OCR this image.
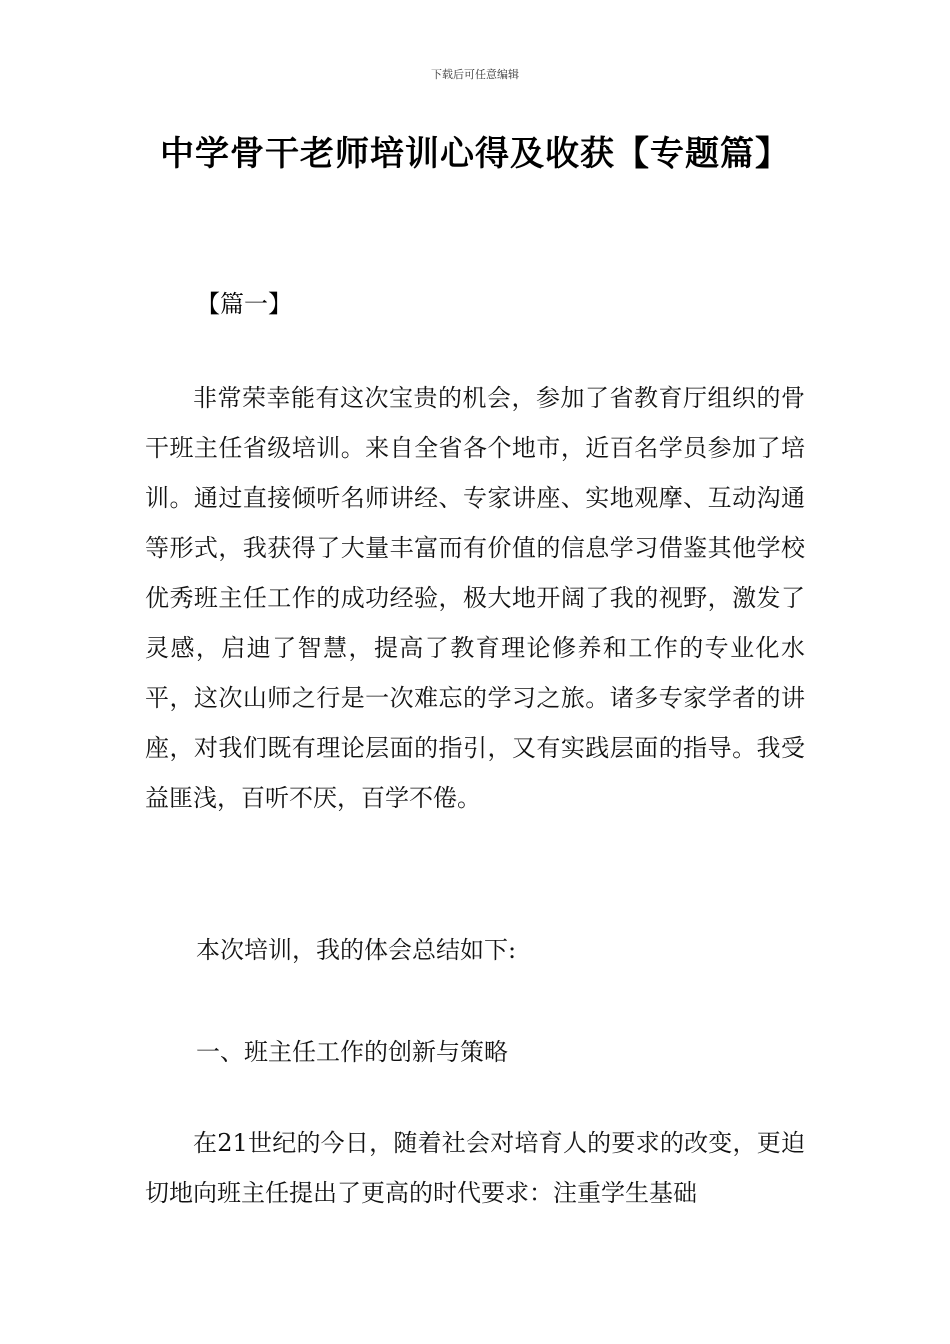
下载后可任意编辑
中学骨干老师培训心得及收获【专题篇】
【篇一】

非常荣幸能有这次宝贵的机会，参加了省教育厅组织的骨干班主任省级培训。来自全省各个地市，近百名学员参加了培训。通过直接倾听名师讲经、专家讲座、实地观摩、互动沟通等形式，我获得了大量丰富而有价值的信息学习借鉴其他学校优秀班主任工作的成功经验，极大地开阔了我的视野，激发了灵感，启迪了智慧，提高了教育理论修养和工作的专业化水平，这次山师之行是一次难忘的学习之旅。诸多专家学者的讲座，对我们既有理论层面的指引，又有实践层面的指导。我受益匪浅，百听不厌，百学不倦。

本次培训，我的体会总结如下:
一、班主任工作的创新与策略

在21世纪的今日，随着社会对培育人的要求的改变，更迫切地向班主任提出了更高的时代要求：注重学生基础
